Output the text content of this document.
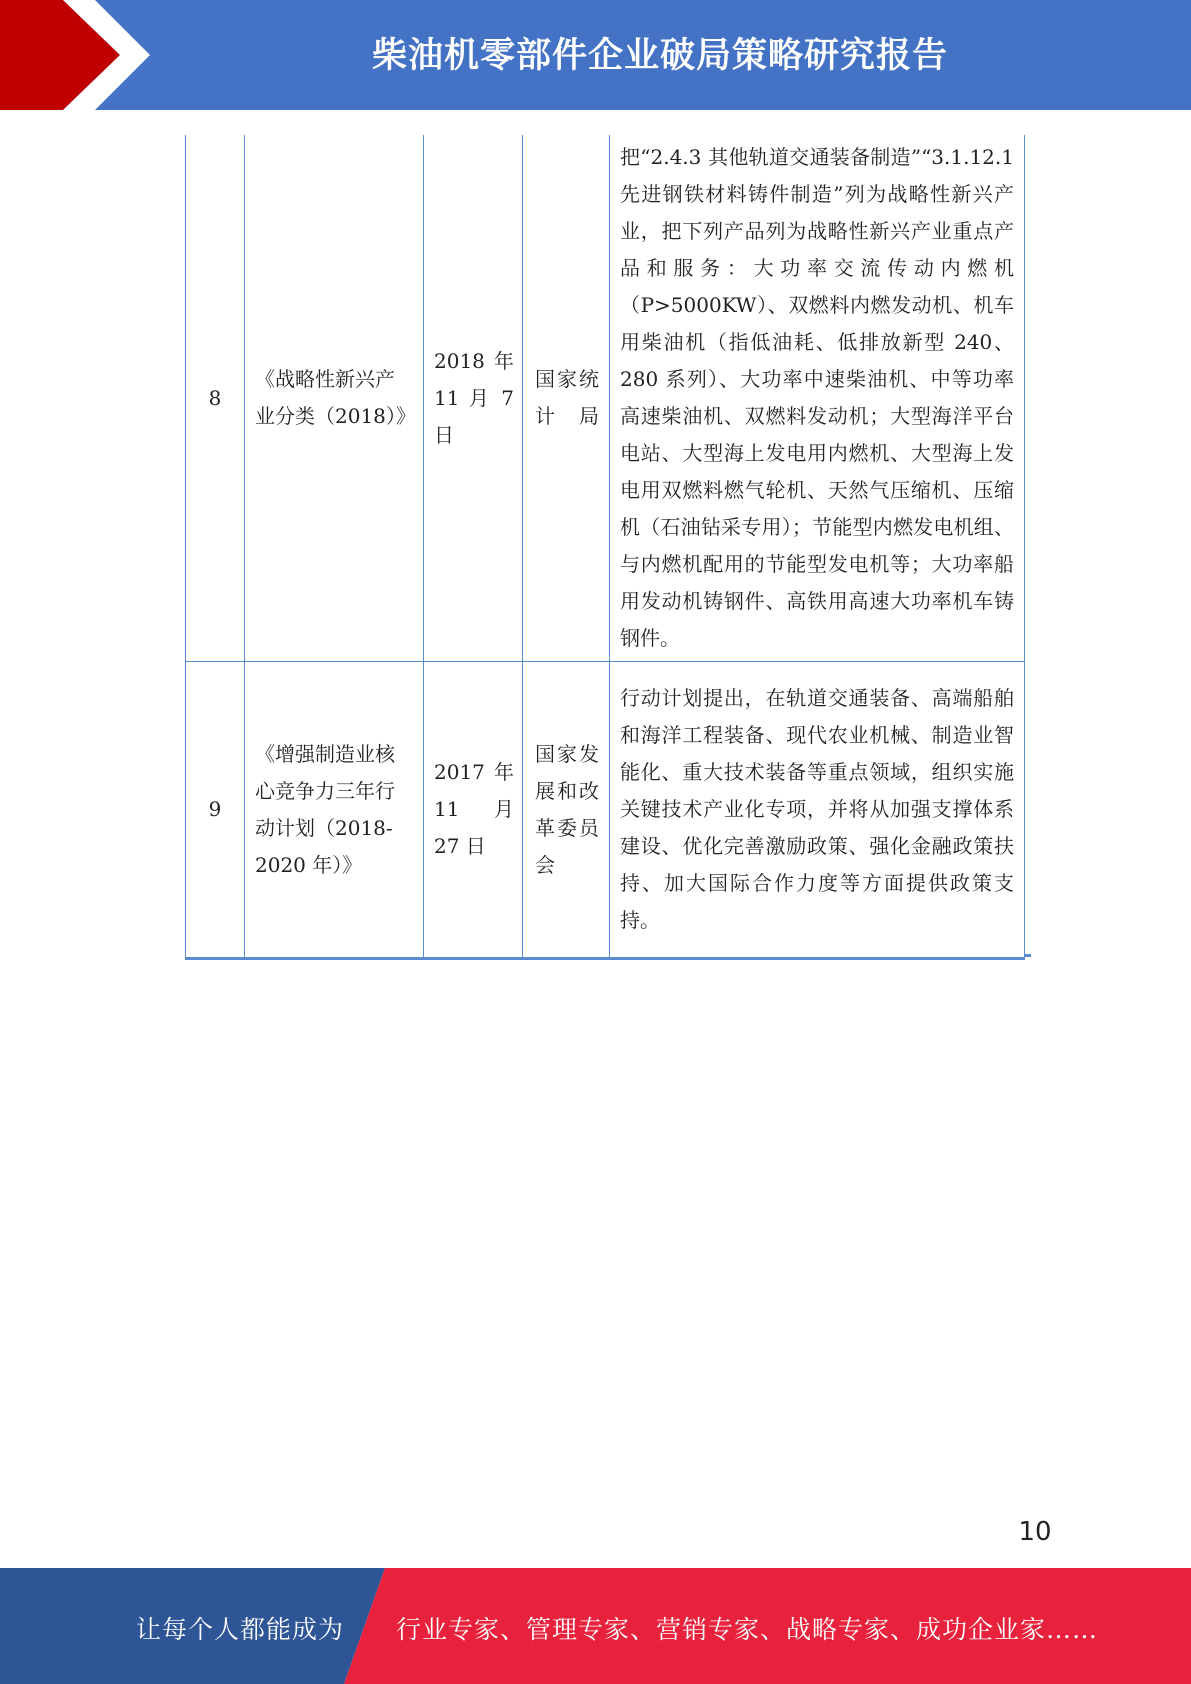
柴油机零部件企业破局策略研究报告
8	《战略性新兴产业分类（2018）》	2018 年 11 月 7 日	国家统计局	把“2.4.3 其他轨道交通装备制造”“3.1.12.1 先进钢铁材料铸件制造”列为战略性新兴产业，把下列产品列为战略性新兴产业重点产品和服务：大功率交流传动内燃机（P>5000KW）、双燃料内燃发动机、机车用柴油机（指低油耗、低排放新型 240、280 系列）、大功率中速柴油机、中等功率高速柴油机、双燃料发动机；大型海洋平台电站、大型海上发电用内燃机、大型海上发电用双燃料燃气轮机、天然气压缩机、压缩机（石油钻采专用）；节能型内燃发电机组、与内燃机配用的节能型发电机等；大功率船用发动机铸钢件、高铁用高速大功率机车铸钢件。

9	《增强制造业核心竞争力三年行动计划（2018-2020 年）》	2017 年 11 月 27 日	国家发展和改革委员会	行动计划提出，在轨道交通装备、高端船舶和海洋工程装备、现代农业机械、制造业智能化、重大技术装备等重点领域，组织实施关键技术产业化专项，并将从加强支撑体系建设、优化完善激励政策、强化金融政策扶持、加大国际合作力度等方面提供政策支持。
10
让每个人都能成为	行业专家、管理专家、营销专家、战略专家、成功企业家……
